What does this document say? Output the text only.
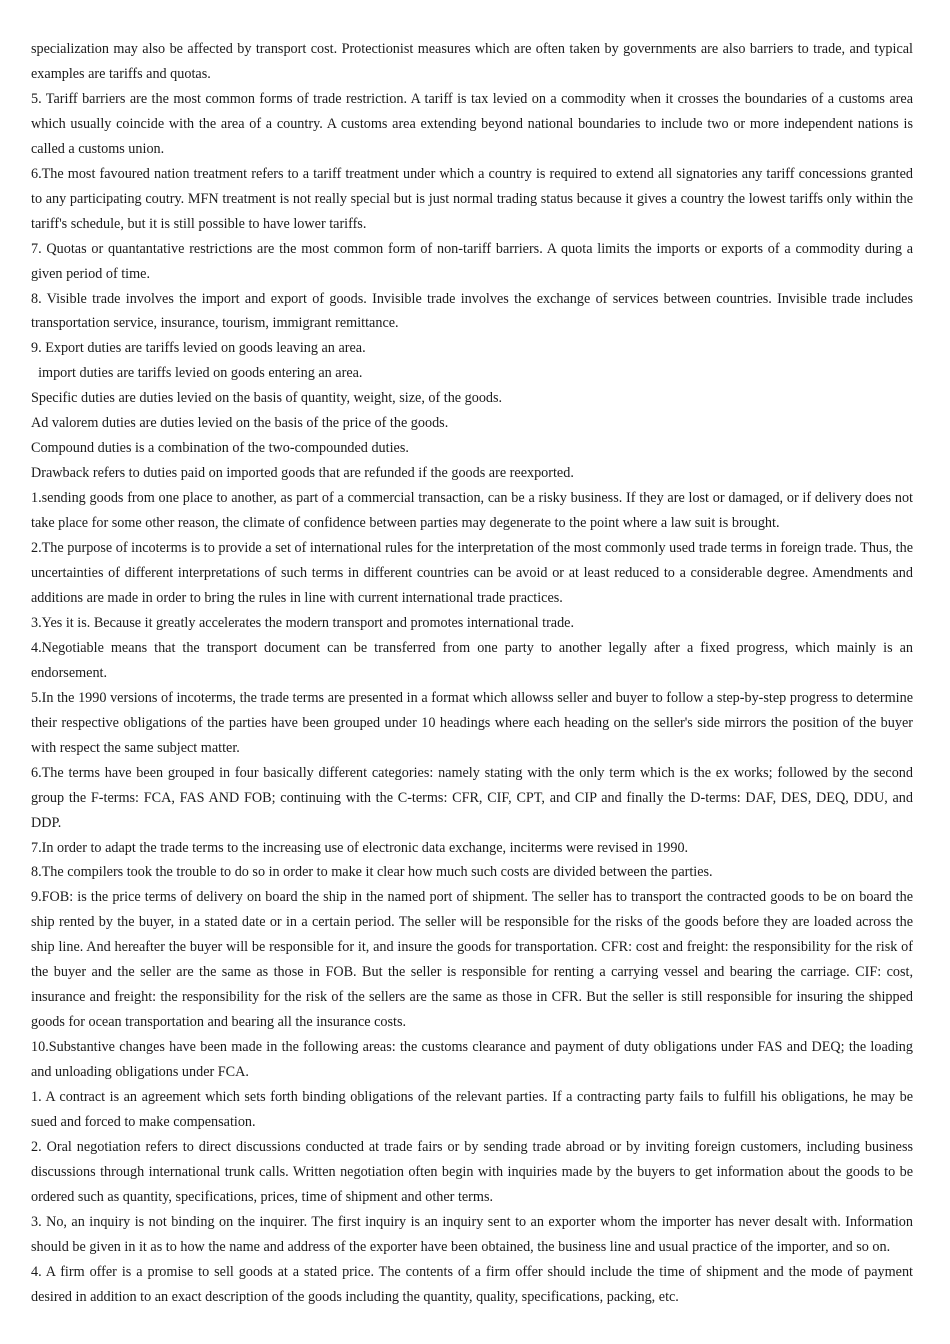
specialization may also be affected by transport cost. Protectionist measures which are often taken by governments are also barriers to trade, and typical examples are tariffs and quotas.

5. Tariff barriers are the most common forms of trade restriction. A tariff is tax levied on a commodity when it crosses the boundaries of a customs area which usually coincide with the area of a country. A customs area extending beyond national boundaries to include two or more independent nations is called a customs union.

6.The most favoured nation treatment refers to a tariff treatment under which a country is required to extend all signatories any tariff concessions granted to any participating coutry. MFN treatment is not really special but is just normal trading status because it gives a country the lowest tariffs only within the tariff's schedule, but it is still possible to have lower tariffs.

7. Quotas or quantantative restrictions are the most common form of non-tariff barriers. A quota limits the imports or exports of a commodity during a given period of time.

8. Visible trade involves the import and export of goods. Invisible trade involves the exchange of services between countries. Invisible trade includes transportation service, insurance, tourism, immigrant remittance.

9. Export duties are tariffs levied on goods leaving an area.

import duties are tariffs levied on goods entering an area.

Specific duties are duties levied on the basis of quantity, weight, size, of the goods.

Ad valorem duties are duties levied on the basis of the price of the goods.

Compound duties is a combination of the two-compounded duties.

Drawback refers to duties paid on imported goods that are refunded if the goods are reexported.

1.sending goods from one place to another, as part of a commercial transaction, can be a risky business. If they are lost or damaged, or if delivery does not take place for some other reason, the climate of confidence between parties may degenerate to the point where a law suit is brought.

2.The purpose of incoterms is to provide a set of international rules for the interpretation of the most commonly used trade terms in foreign trade. Thus, the uncertainties of different interpretations of such terms in different countries can be avoid or at least reduced to a considerable degree. Amendments and additions are made in order to bring the rules in line with current international trade practices.

3.Yes it is. Because it greatly accelerates the modern transport and promotes international trade.

4.Negotiable means that the transport document can be transferred from one party to another legally after a fixed progress, which mainly is an endorsement.

5.In the 1990 versions of incoterms, the trade terms are presented in a format which allowss seller and buyer to follow a step-by-step progress to determine their respective obligations of the parties have been grouped under 10 headings where each heading on the seller's side mirrors the position of the buyer with respect the same subject matter.

6.The terms have been grouped in four basically different categories: namely stating with the only term which is the ex works; followed by the second group the F-terms: FCA, FAS AND FOB; continuing with the C-terms: CFR, CIF, CPT, and CIP and finally the D-terms: DAF, DES, DEQ, DDU, and DDP.

7.In order to adapt the trade terms to the increasing use of electronic data exchange, inciterms were revised in 1990.

8.The compilers took the trouble to do so in order to make it clear how much such costs are divided between the parties.

9.FOB: is the price terms of delivery on board the ship in the named port of shipment. The seller has to transport the contracted goods to be on board the ship rented by the buyer, in a stated date or in a certain period. The seller will be responsible for the risks of the goods before they are loaded across the ship line. And hereafter the buyer will be responsible for it, and insure the goods for transportation. CFR: cost and freight: the responsibility for the risk of the buyer and the seller are the same as those in FOB. But the seller is responsible for renting a carrying vessel and bearing the carriage. CIF: cost, insurance and freight: the responsibility for the risk of the sellers are the same as those in CFR. But the seller is still responsible for insuring the shipped goods for ocean transportation and bearing all the insurance costs.

10.Substantive changes have been made in the following areas: the customs clearance and payment of duty obligations under FAS and DEQ; the loading and unloading obligations under FCA.

1. A contract is an agreement which sets forth binding obligations of the relevant parties. If a contracting party fails to fulfill his obligations, he may be sued and forced to make compensation.

2. Oral negotiation refers to direct discussions conducted at trade fairs or by sending trade abroad or by inviting foreign customers, including business discussions through international trunk calls. Written negotiation often begin with inquiries made by the buyers to get information about the goods to be ordered such as quantity, specifications, prices, time of shipment and other terms.

3. No, an inquiry is not binding on the inquirer. The first inquiry is an inquiry sent to an exporter whom the importer has never desalt with. Information should be given in it as to how the name and address of the exporter have been obtained, the business line and usual practice of the importer, and so on.

4. A firm offer is a promise to sell goods at a stated price. The contents of a firm offer should include the time of shipment and the mode of payment desired in addition to an exact description of the goods including the quantity, quality, specifications, packing, etc.
